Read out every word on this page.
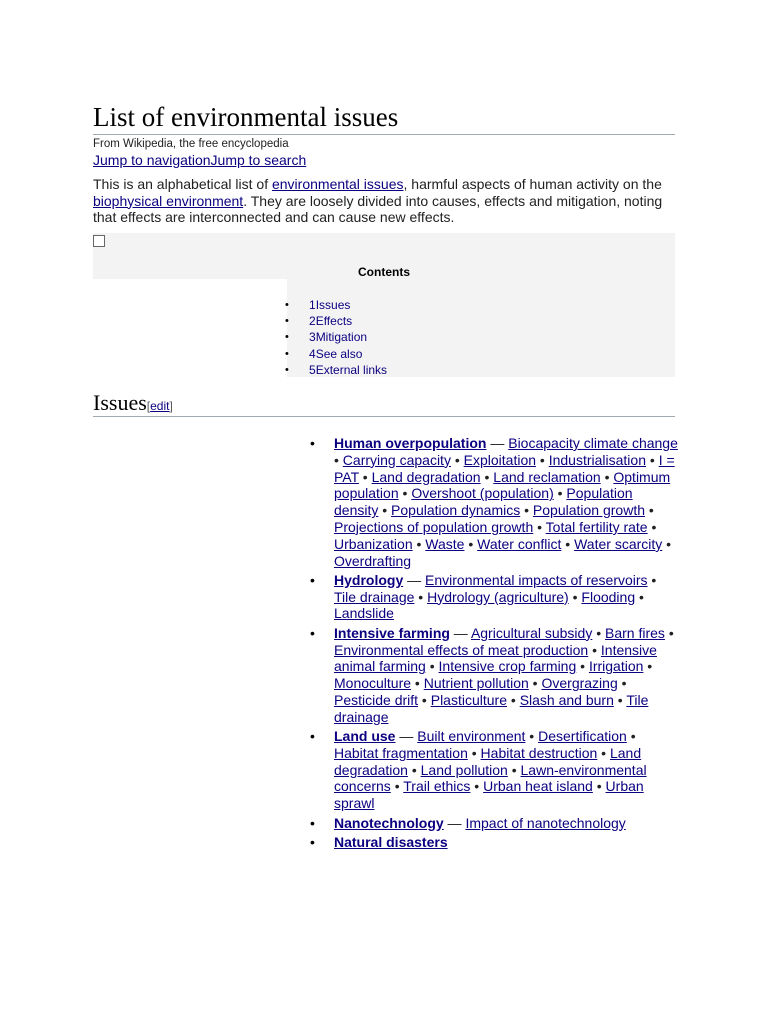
List of environmental issues
From Wikipedia, the free encyclopedia
Jump to navigationJump to search

This is an alphabetical list of environmental issues, harmful aspects of human activity on the biophysical environment. They are loosely divided into causes, effects and mitigation, noting that effects are interconnected and can cause new effects.

Contents
• 1Issues
• 2Effects
• 3Mitigation
• 4See also
• 5External links
Issues[edit]
• Human overpopulation — Biocapacity climate change • Carrying capacity • Exploitation • Industrialisation • I = PAT • Land degradation • Land reclamation • Optimum population • Overshoot (population) • Population density • Population dynamics • Population growth • Projections of population growth • Total fertility rate • Urbanization • Waste • Water conflict • Water scarcity • Overdrafting
• Hydrology — Environmental impacts of reservoirs • Tile drainage • Hydrology (agriculture) • Flooding • Landslide
• Intensive farming — Agricultural subsidy • Barn fires • Environmental effects of meat production • Intensive animal farming • Intensive crop farming • Irrigation • Monoculture • Nutrient pollution • Overgrazing • Pesticide drift • Plasticulture • Slash and burn • Tile drainage
• Land use — Built environment • Desertification • Habitat fragmentation • Habitat destruction • Land degradation • Land pollution • Lawn-environmental concerns • Trail ethics • Urban heat island • Urban sprawl
• Nanotechnology — Impact of nanotechnology
• Natural disasters
